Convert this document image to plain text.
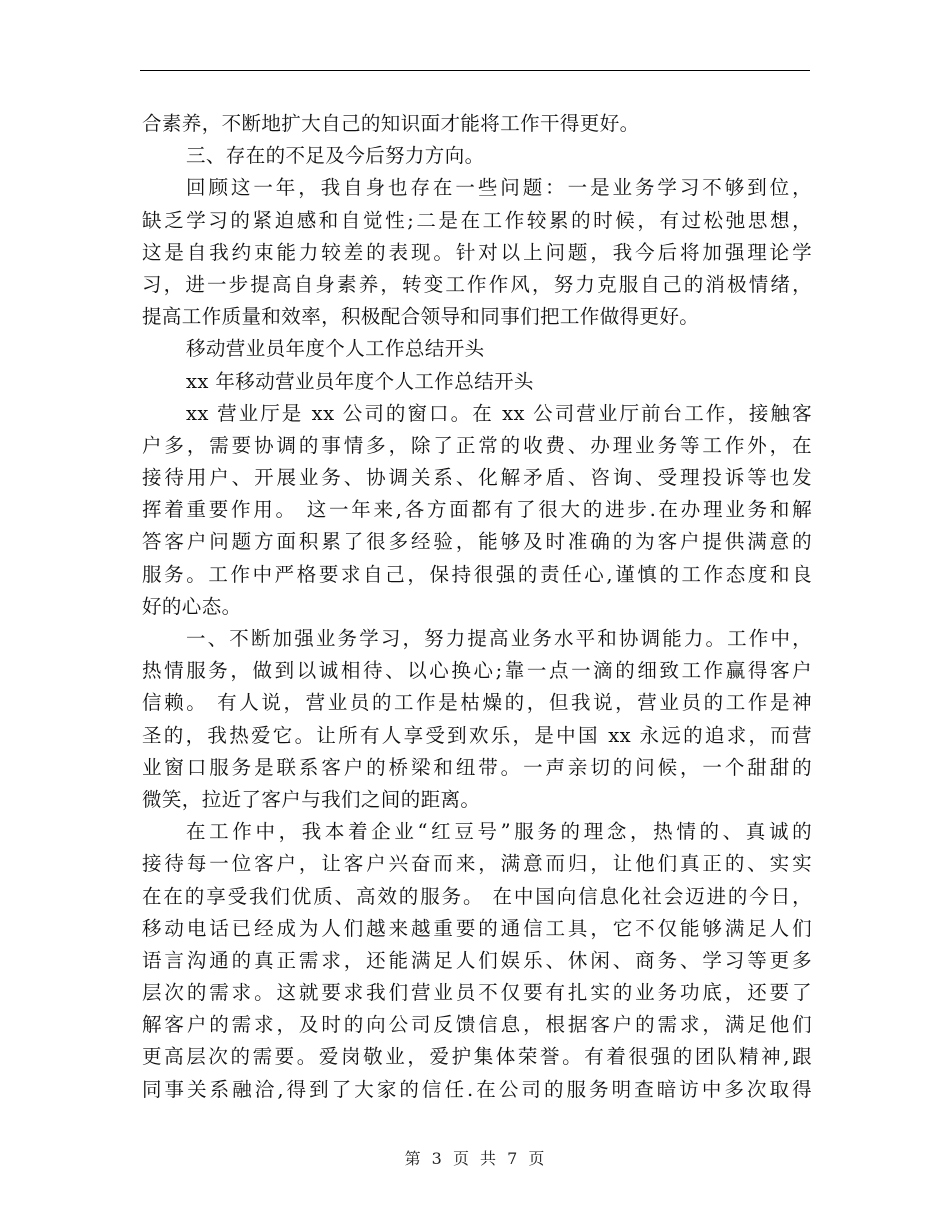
合素养，不断地扩大自己的知识面才能将工作干得更好。
三、存在的不足及今后努力方向。
回顾这一年，我自身也存在一些问题：一是业务学习不够到位，
缺乏学习的紧迫感和自觉性;二是在工作较累的时候，有过松弛思想，
这是自我约束能力较差的表现。针对以上问题，我今后将加强理论学
习，进一步提高自身素养，转变工作作风，努力克服自己的消极情绪，
提高工作质量和效率，积极配合领导和同事们把工作做得更好。
移动营业员年度个人工作总结开头
xx 年移动营业员年度个人工作总结开头
xx 营业厅是 xx 公司的窗口。在 xx 公司营业厅前台工作，接触客
户多，需要协调的事情多，除了正常的收费、办理业务等工作外，在
接待用户、开展业务、协调关系、化解矛盾、咨询、受理投诉等也发
挥着重要作用。 这一年来,各方面都有了很大的进步.在办理业务和解
答客户问题方面积累了很多经验，能够及时准确的为客户提供满意的
服务。工作中严格要求自己，保持很强的责任心,谨慎的工作态度和良
好的心态。
一、不断加强业务学习，努力提高业务水平和协调能力。工作中，
热情服务，做到以诚相待、以心换心;靠一点一滴的细致工作赢得客户
信赖。 有人说，营业员的工作是枯燥的，但我说，营业员的工作是神
圣的，我热爱它。让所有人享受到欢乐，是中国 xx 永远的追求，而营
业窗口服务是联系客户的桥梁和纽带。一声亲切的问候，一个甜甜的
微笑，拉近了客户与我们之间的距离。
在工作中，我本着企业“红豆号”服务的理念，热情的、真诚的
接待每一位客户，让客户兴奋而来，满意而归，让他们真正的、实实
在在的享受我们优质、高效的服务。 在中国向信息化社会迈进的今日，
移动电话已经成为人们越来越重要的通信工具，它不仅能够满足人们
语言沟通的真正需求，还能满足人们娱乐、休闲、商务、学习等更多
层次的需求。这就要求我们营业员不仅要有扎实的业务功底，还要了
解客户的需求，及时的向公司反馈信息，根据客户的需求，满足他们
更高层次的需要。爱岗敬业，爱护集体荣誉。有着很强的团队精神,跟
同事关系融洽,得到了大家的信任.在公司的服务明查暗访中多次取得
第 3 页 共 7 页
